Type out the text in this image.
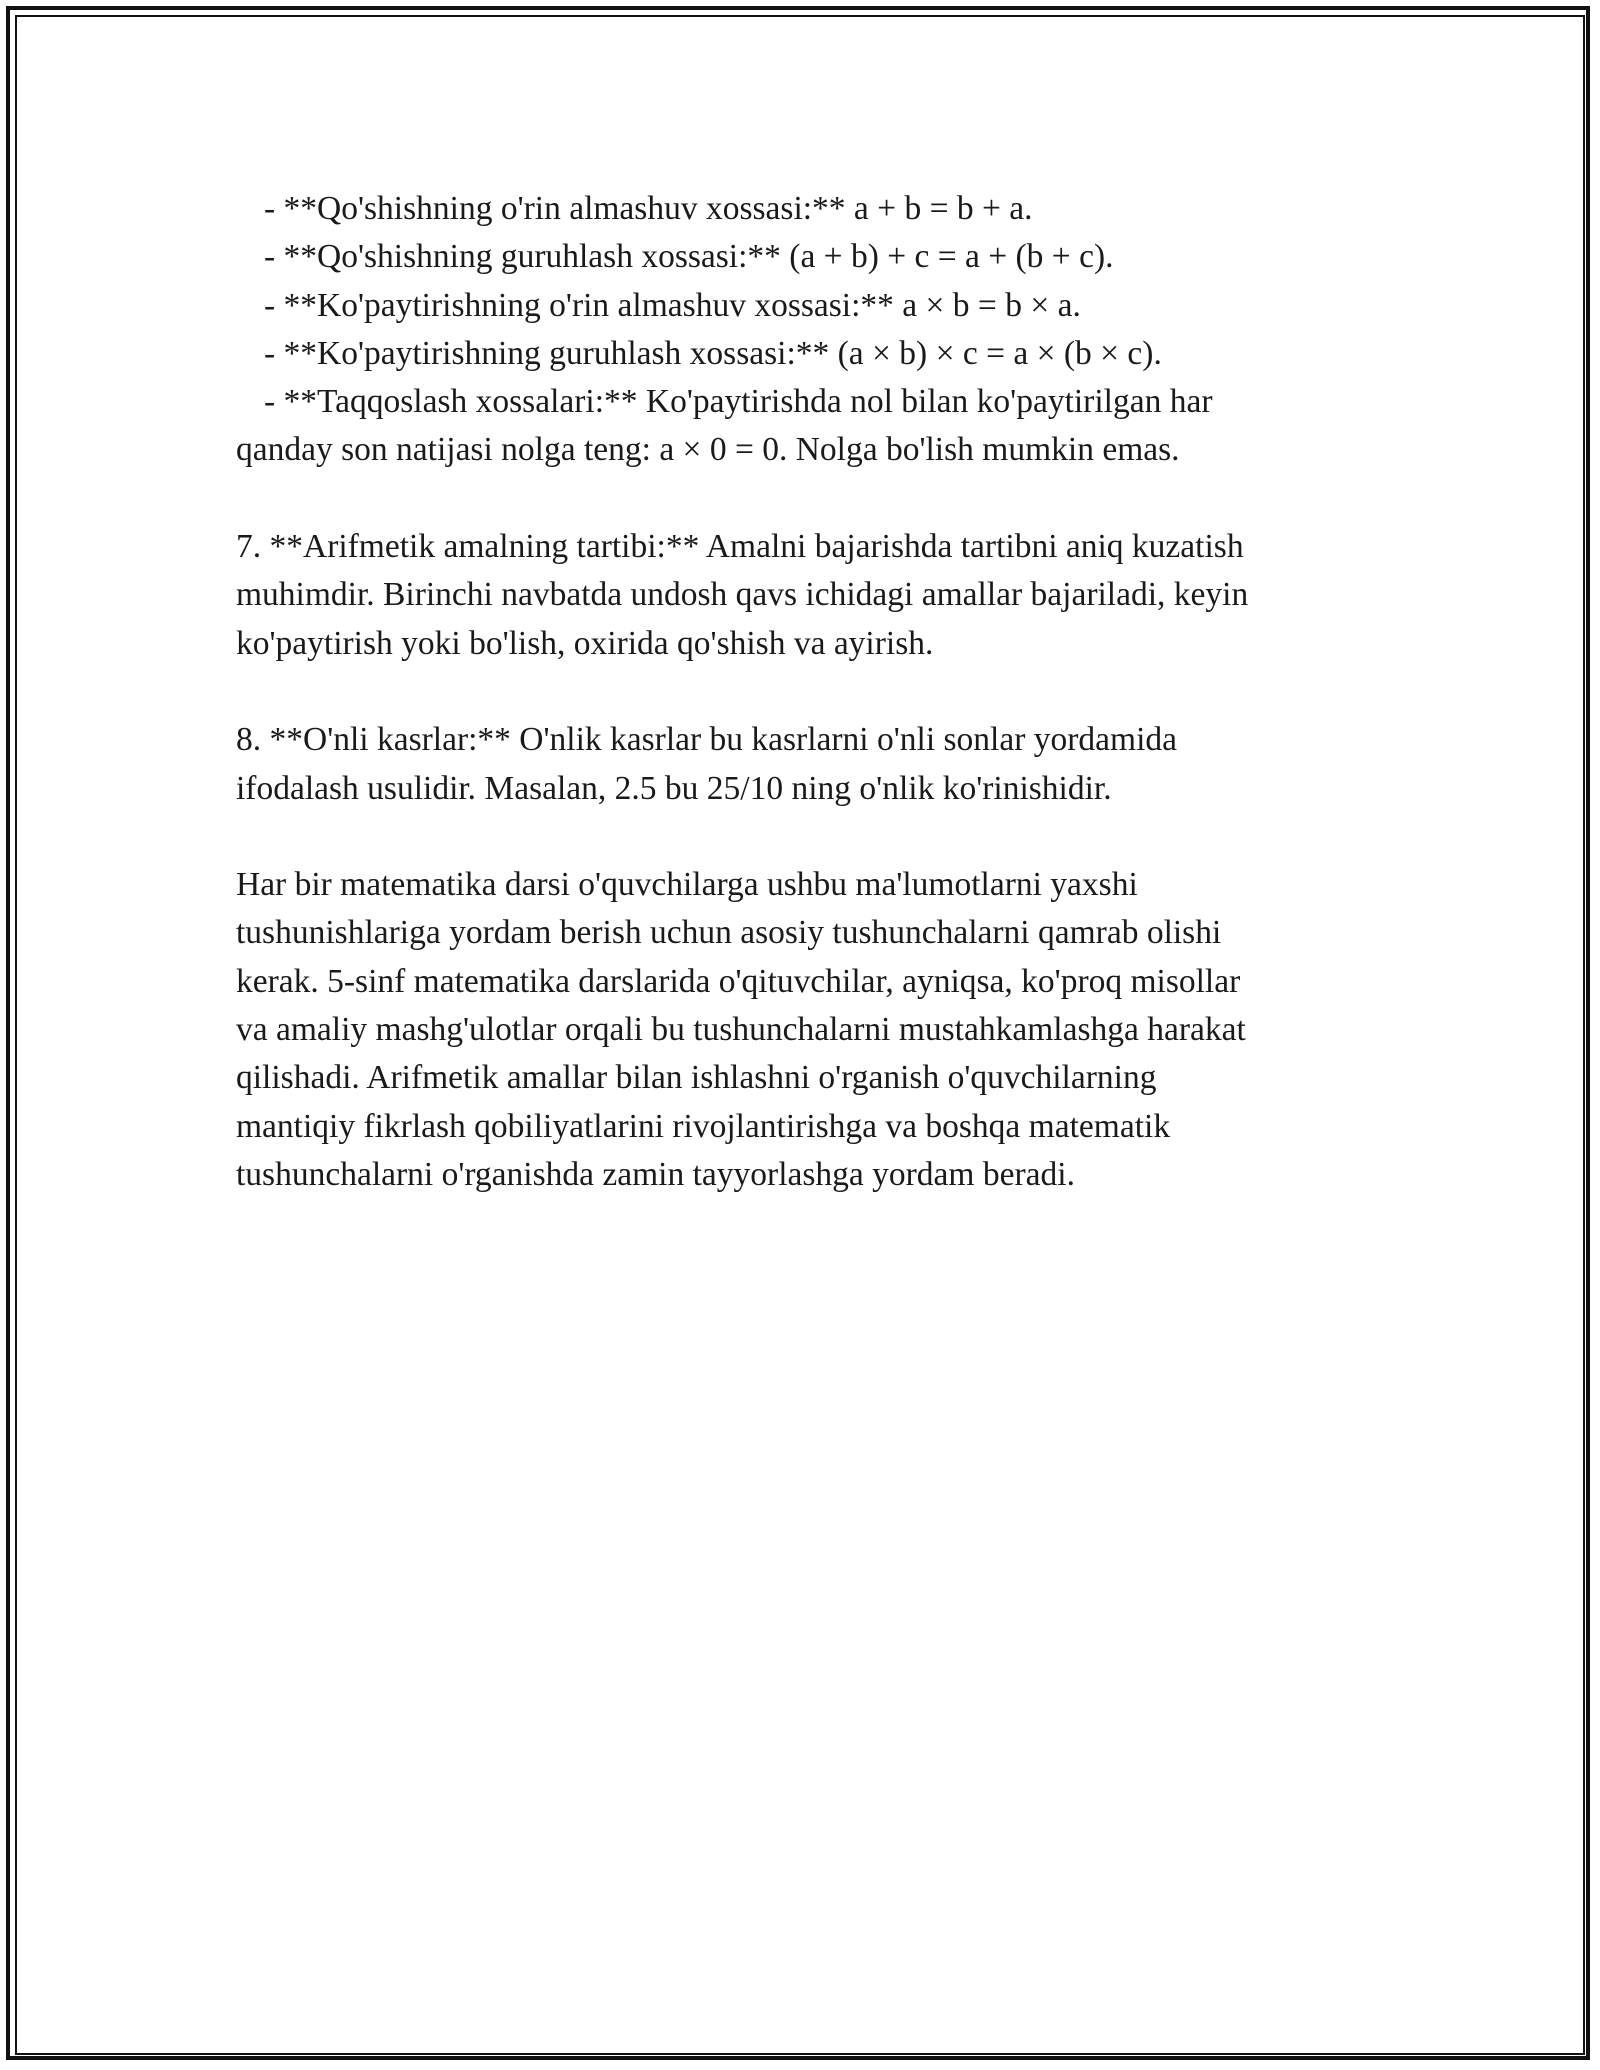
- **Qo'shishning o'rin almashuv xossasi:** a + b = b + a.
- **Qo'shishning guruhlash xossasi:** (a + b) + c = a + (b + c).
- **Ko'paytirishning o'rin almashuv xossasi:** a × b = b × a.
- **Ko'paytirishning guruhlash xossasi:** (a × b) × c = a × (b × c).
- **Taqqoslash xossalari:** Ko'paytirishda nol bilan ko'paytirilgan har
qanday son natijasi nolga teng: a × 0 = 0. Nolga bo'lish mumkin emas.
7. **Arifmetik amalning tartibi:** Amalni bajarishda tartibni aniq kuzatish
muhimdir. Birinchi navbatda undosh qavs ichidagi amallar bajariladi, keyin
ko'paytirish yoki bo'lish, oxirida qo'shish va ayirish.
8. **O'nli kasrlar:** O'nlik kasrlar bu kasrlarni o'nli sonlar yordamida
ifodalash usulidir. Masalan, 2.5 bu 25/10 ning o'nlik ko'rinishidir.
Har bir matematika darsi o'quvchilarga ushbu ma'lumotlarni yaxshi
tushunishlariga yordam berish uchun asosiy tushunchalarni qamrab olishi
kerak. 5-sinf matematika darslarida o'qituvchilar, ayniqsa, ko'proq misollar
va amaliy mashg'ulotlar orqali bu tushunchalarni mustahkamlashga harakat
qilishadi. Arifmetik amallar bilan ishlashni o'rganish o'quvchilarning
mantiqiy fikrlash qobiliyatlarini rivojlantirishga va boshqa matematik
tushunchalarni o'rganishda zamin tayyorlashga yordam beradi.
